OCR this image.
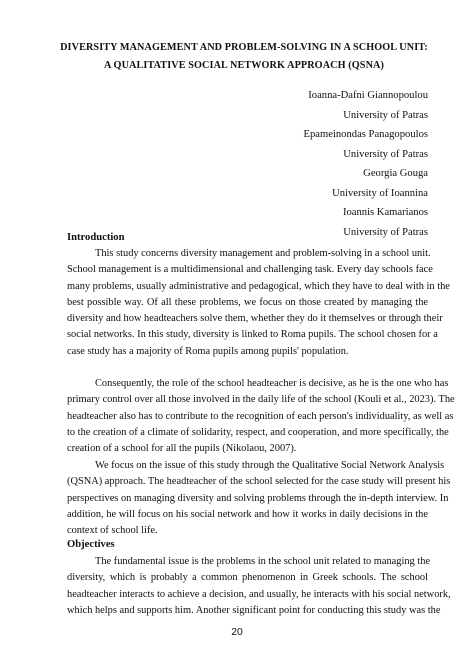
DIVERSITY MANAGEMENT AND PROBLEM-SOLVING IN A SCHOOL UNIT:
A QUALITATIVE SOCIAL NETWORK APPROACH (QSNA)
Ioanna-Dafni Giannopoulou
University of Patras
Epameinondas Panagopoulos
University of Patras
Georgia Gouga
University of Ioannina
Ioannis Kamarianos
University of Patras
Introduction
This study concerns diversity management and problem-solving in a school unit.
School management is a multidimensional and challenging task. Every day schools face
many problems, usually administrative and pedagogical, which they have to deal with in the
best possible way. Of all these problems, we focus on those created by managing the
diversity and how headteachers solve them, whether they do it themselves or through their
social networks. In this study, diversity is linked to Roma pupils. The school chosen for a
case study has a majority of Roma pupils among pupils' population.
Consequently, the role of the school headteacher is decisive, as he is the one who has
primary control over all those involved in the daily life of the school (Kouli et al., 2023). The
headteacher also has to contribute to the recognition of each person's individuality, as well as
to the creation of a climate of solidarity, respect, and cooperation, and more specifically, the
creation of a school for all the pupils (Nikolaou, 2007).
We focus on the issue of this study through the Qualitative Social Network Analysis
(QSNA) approach. The headteacher of the school selected for the case study will present his
perspectives on managing diversity and solving problems through the in-depth interview. In
addition, he will focus on his social network and how it works in daily decisions in the
context of school life.
Objectives
The fundamental issue is the problems in the school unit related to managing the
diversity, which is probably a common phenomenon in Greek schools. The school
headteacher interacts to achieve a decision, and usually, he interacts with his social network,
which helps and supports him. Another significant point for conducting this study was the
20
